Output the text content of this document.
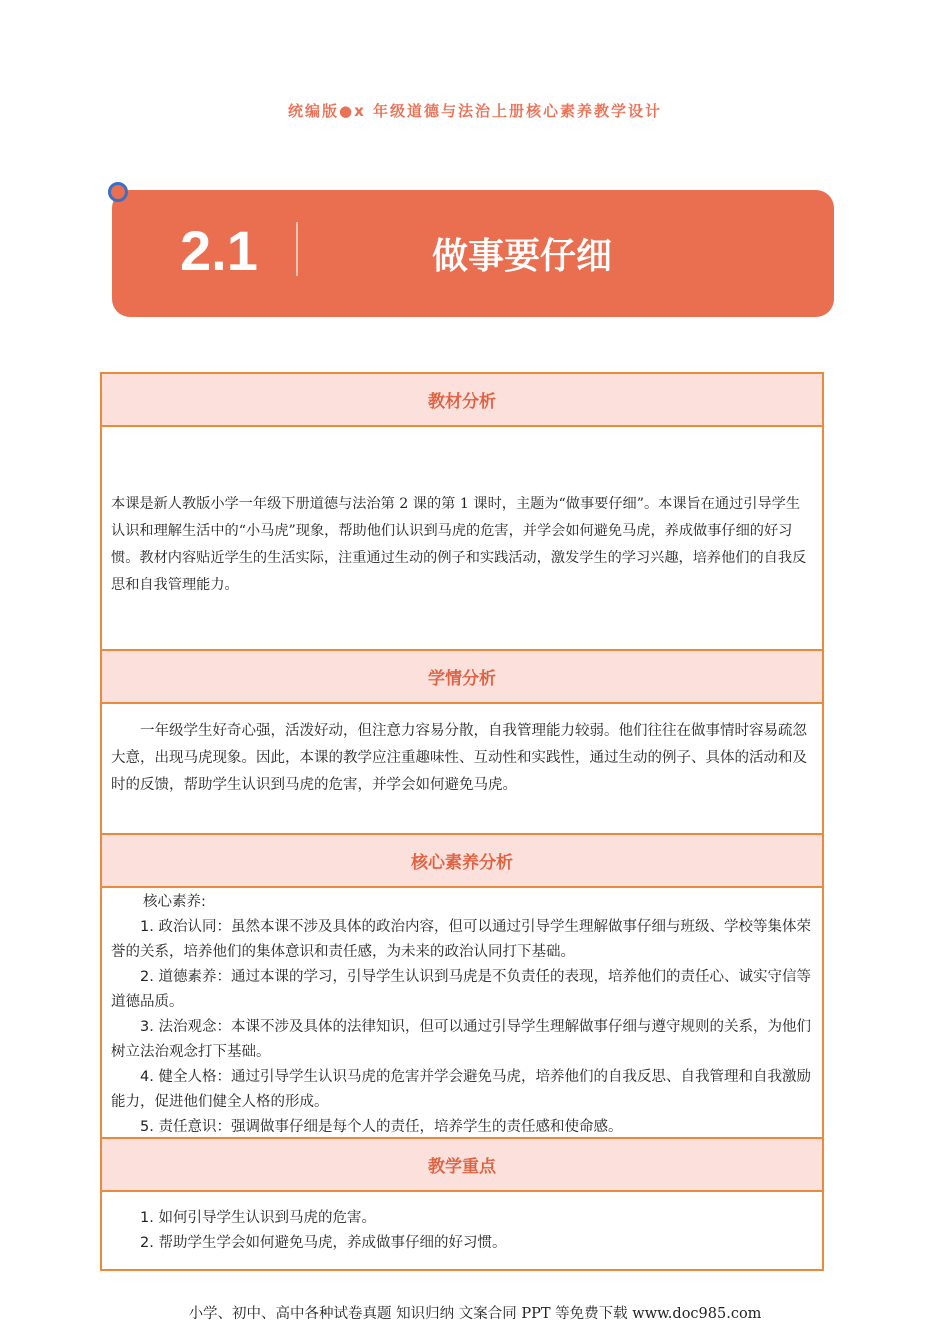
统编版●x 年级道德与法治上册核心素养教学设计
2.1	做事要仔细
教材分析

本课是新人教版小学一年级下册道德与法治第 2 课的第 1 课时，主题为“做事要仔细”。本课旨在通过引导学生认识和理解生活中的“小马虎”现象，帮助他们认识到马虎的危害，并学会如何避免马虎，养成做事仔细的好习惯。教材内容贴近学生的生活实际，注重通过生动的例子和实践活动，激发学生的学习兴趣，培养他们的自我反思和自我管理能力。

学情分析

一年级学生好奇心强，活泼好动，但注意力容易分散，自我管理能力较弱。他们往往在做事情时容易疏忽大意，出现马虎现象。因此，本课的教学应注重趣味性、互动性和实践性，通过生动的例子、具体的活动和及时的反馈，帮助学生认识到马虎的危害，并学会如何避免马虎。

核心素养分析

核心素养:

1. 政治认同：虽然本课不涉及具体的政治内容，但可以通过引导学生理解做事仔细与班级、学校等集体荣誉的关系，培养他们的集体意识和责任感，为未来的政治认同打下基础。

2. 道德素养：通过本课的学习，引导学生认识到马虎是不负责任的表现，培养他们的责任心、诚实守信等道德品质。

3. 法治观念：本课不涉及具体的法律知识，但可以通过引导学生理解做事仔细与遵守规则的关系，为他们树立法治观念打下基础。

4. 健全人格：通过引导学生认识马虎的危害并学会避免马虎，培养他们的自我反思、自我管理和自我激励能力，促进他们健全人格的形成。

5. 责任意识：强调做事仔细是每个人的责任，培养学生的责任感和使命感。

教学重点

1. 如何引导学生认识到马虎的危害。

2. 帮助学生学会如何避免马虎，养成做事仔细的好习惯。

小学、初中、高中各种试卷真题 知识归纳 文案合同 PPT 等免费下载 www.doc985.com
